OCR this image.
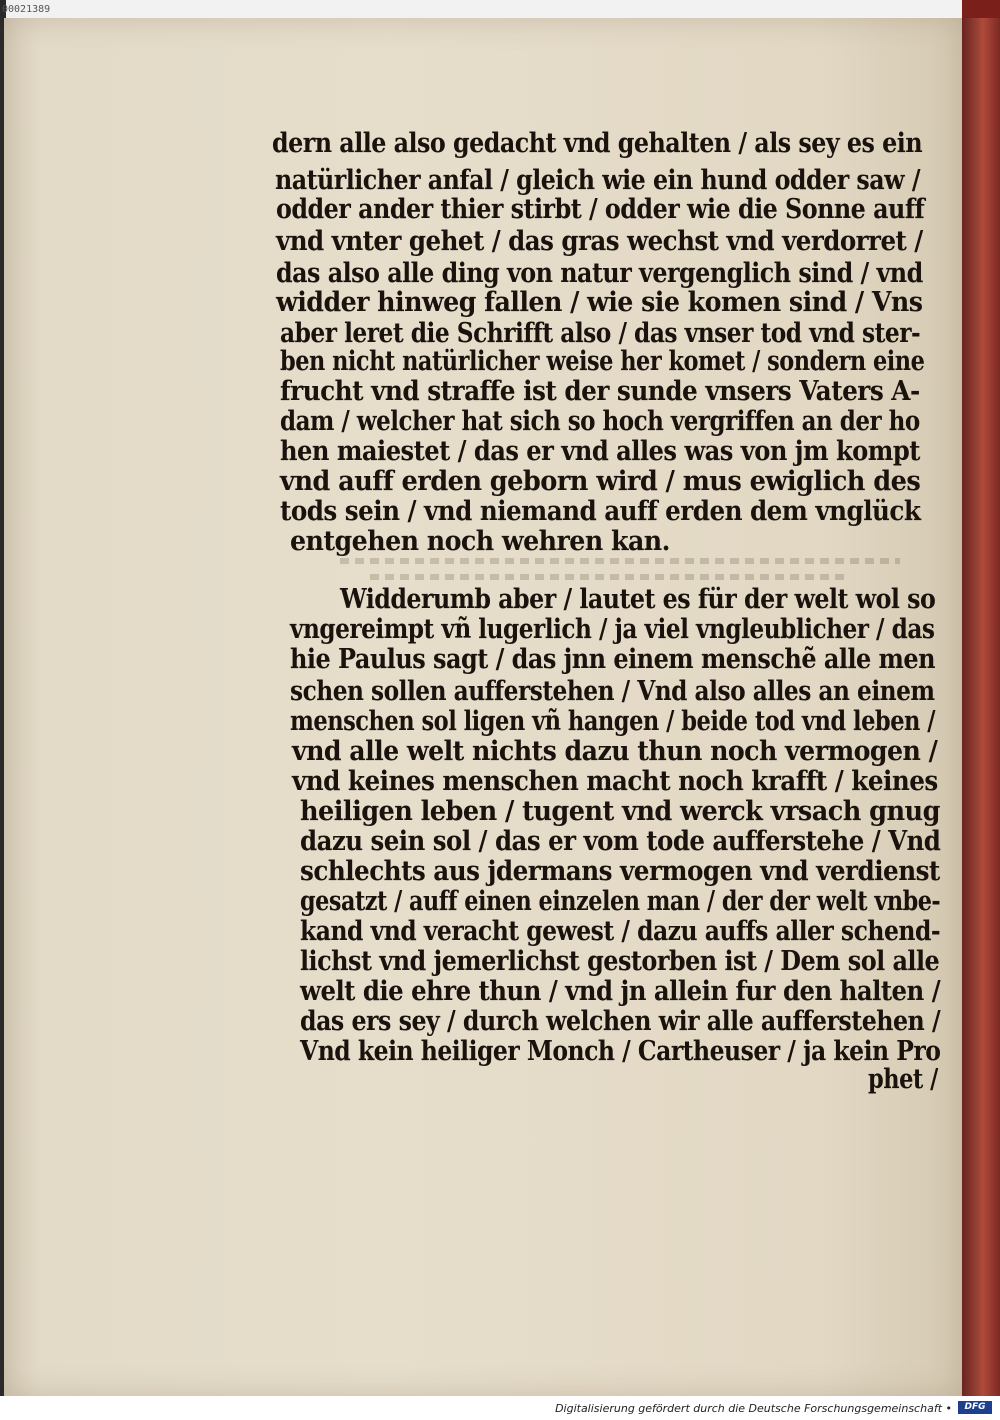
00021389
dern alle also gedacht vnd gehalten / als sey es ein
natürlicher anfal / gleich wie ein hund odder saw /
odder ander thier stirbt / odder wie die Sonne auff
vnd vnter gehet / das gras wechst vnd verdorret /
das also alle ding von natur vergenglich sind / vnd
widder hinweg fallen / wie sie komen sind / Vns
aber leret die Schrifft also / das vnser tod vnd ster-
ben nicht natürlicher weise her komet / sondern eine
frucht vnd straffe ist der sunde vnsers Vaters A-
dam / welcher hat sich so hoch vergriffen an der ho
hen maiestet / das er vnd alles was von jm kompt
vnd auff erden geborn wird / mus ewiglich des
tods sein / vnd niemand auff erden dem vnglück
entgehen noch wehren kan.
Widderumb aber / lautet es für der welt wol so
vngereimpt vñ lugerlich / ja viel vngleublicher / das
hie Paulus sagt / das jnn einem menschẽ alle men
schen sollen aufferstehen / Vnd also alles an einem
menschen sol ligen vñ hangen / beide tod vnd leben /
vnd alle welt nichts dazu thun noch vermogen /
vnd keines menschen macht noch krafft / keines
heiligen leben / tugent vnd werck vrsach gnug
dazu sein sol / das er vom tode aufferstehe / Vnd
schlechts aus jdermans vermogen vnd verdienst
gesatzt / auff einen einzelen man / der der welt vnbe-
kand vnd veracht gewest / dazu auffs aller schend-
lichst vnd jemerlichst gestorben ist / Dem sol alle
welt die ehre thun / vnd jn allein fur den halten /
das ers sey / durch welchen wir alle aufferstehen /
Vnd kein heiliger Monch / Cartheuser / ja kein Pro
phet /
Digitalisierung gefördert durch die Deutsche Forschungsgemeinschaft •	DFG
